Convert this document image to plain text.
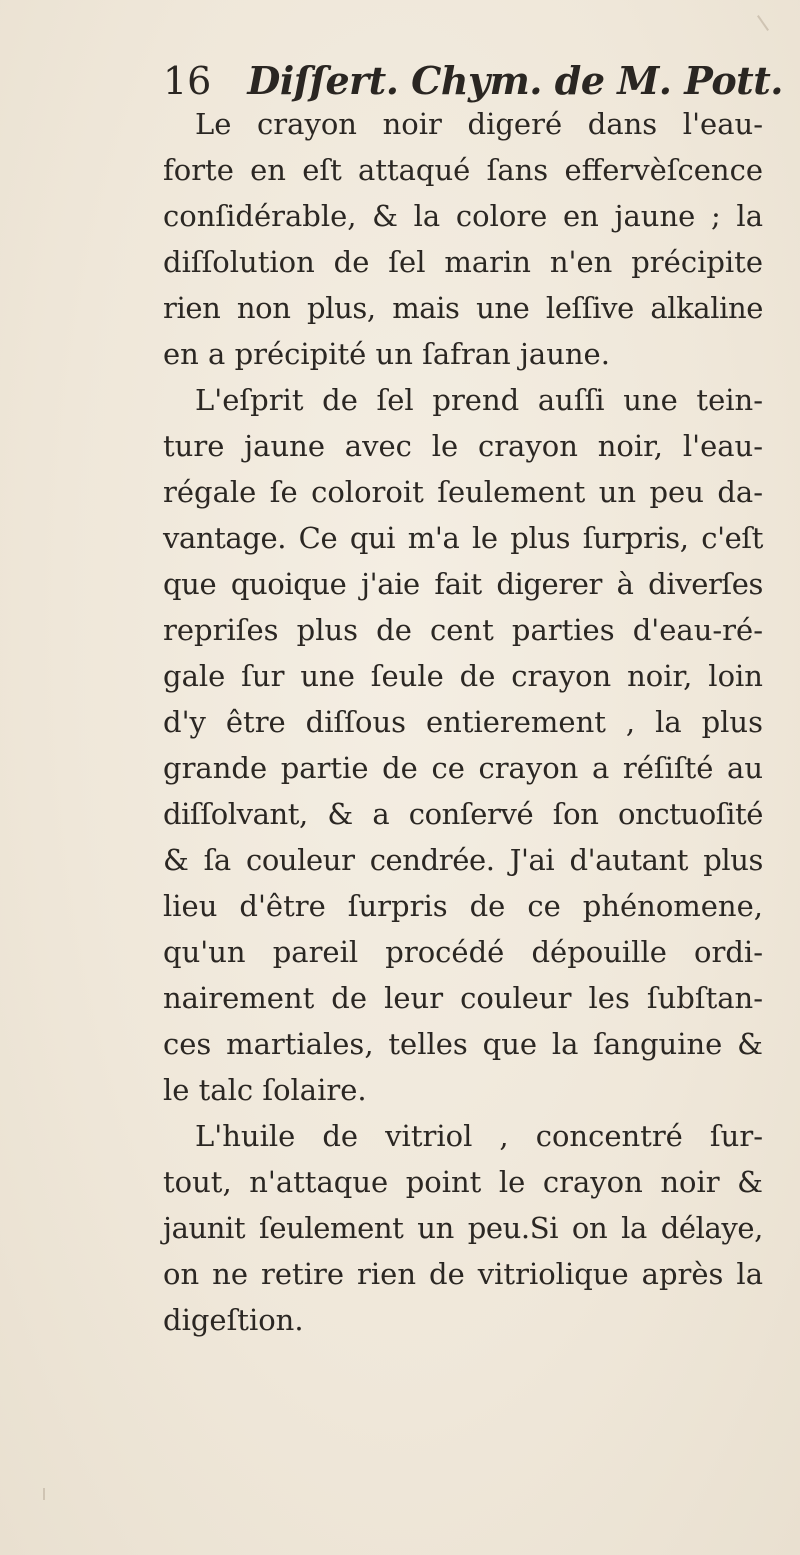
16 Diſſert. Chym. de M. Pott.
Le crayon noir digeré dans l'eau-
forte en eſt attaqué ſans effervèſcence
conſidérable, & la colore en jaune ; la
diſſolution de ſel marin n'en précipite
rien non plus, mais une leſſive alkaline
en a précipité un ſafran jaune.
L'eſprit de ſel prend auſſi une tein-
ture jaune avec le crayon noir, l'eau-
régale ſe coloroit ſeulement un peu da-
vantage. Ce qui m'a le plus ſurpris, c'eſt
que quoique j'aie fait digerer à diverſes
repriſes plus de cent parties d'eau-ré-
gale ſur une ſeule de crayon noir, loin
d'y être diſſous entierement , la plus
grande partie de ce crayon a réſiſté au
diſſolvant, & a conſervé ſon onctuoſité
& ſa couleur cendrée. J'ai d'autant plus
lieu d'être ſurpris de ce phénomene,
qu'un pareil procédé dépouille ordi-
nairement de leur couleur les ſubſtan-
ces martiales, telles que la ſanguine &
le talc ſolaire.
L'huile de vitriol , concentré ſur-
tout, n'attaque point le crayon noir &
jaunit ſeulement un peu.Si on la délaye,
on ne retire rien de vitriolique après la
digeſtion.
